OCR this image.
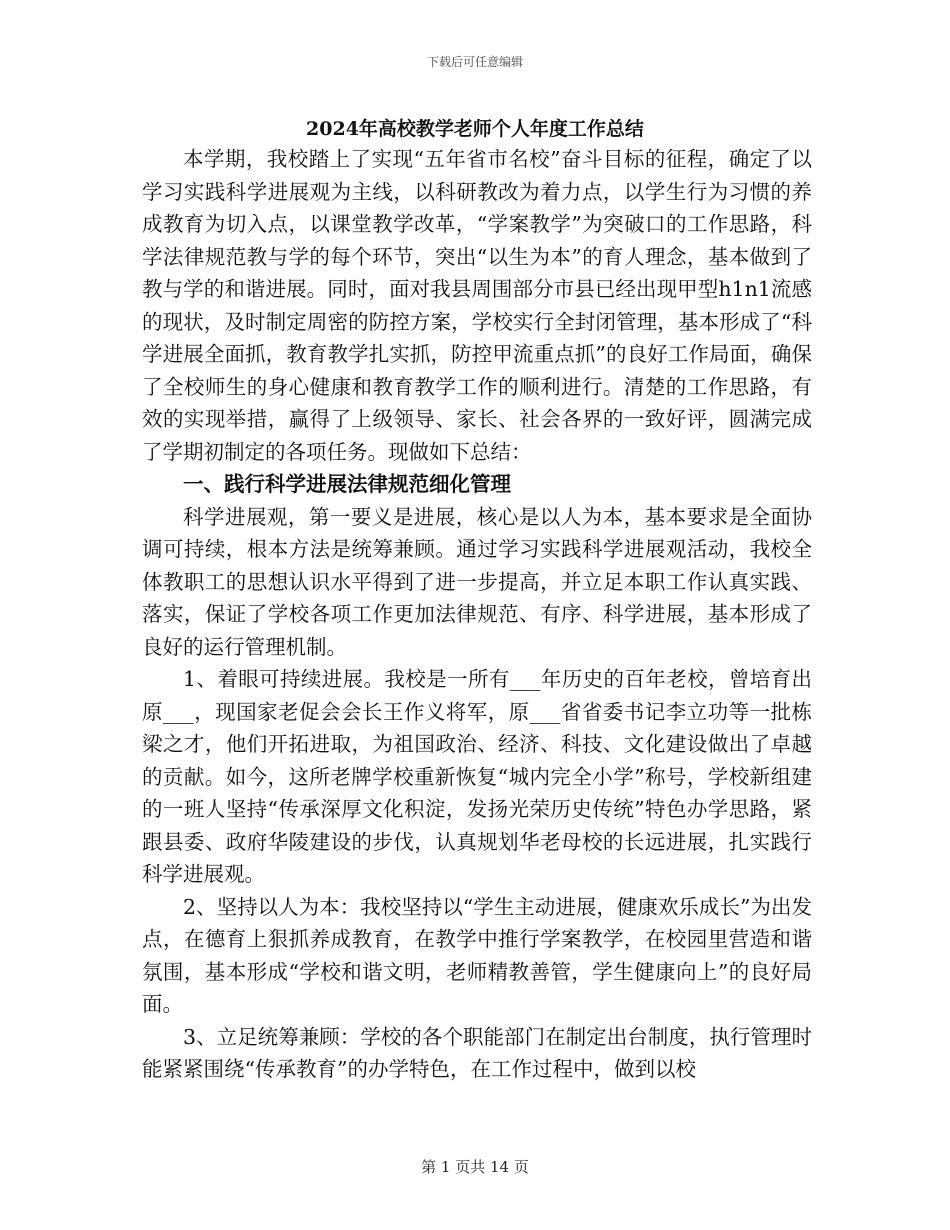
下载后可任意编辑
2024年高校教学老师个人年度工作总结

本学期，我校踏上了实现“五年省市名校”奋斗目标的征程，确定了以学习实践科学进展观为主线，以科研教改为着力点，以学生行为习惯的养成教育为切入点，以课堂教学改革，“学案教学”为突破口的工作思路，科学法律规范教与学的每个环节，突出“以生为本”的育人理念，基本做到了教与学的和谐进展。同时，面对我县周围部分市县已经出现甲型h1n1流感的现状，及时制定周密的防控方案，学校实行全封闭管理，基本形成了“科学进展全面抓，教育教学扎实抓，防控甲流重点抓”的良好工作局面，确保了全校师生的身心健康和教育教学工作的顺利进行。清楚的工作思路，有效的实现举措，赢得了上级领导、家长、社会各界的一致好评，圆满完成了学期初制定的各项任务。现做如下总结：

一、践行科学进展法律规范细化管理

科学进展观，第一要义是进展，核心是以人为本，基本要求是全面协调可持续，根本方法是统筹兼顾。通过学习实践科学进展观活动，我校全体教职工的思想认识水平得到了进一步提高，并立足本职工作认真实践、落实，保证了学校各项工作更加法律规范、有序、科学进展，基本形成了良好的运行管理机制。

1、着眼可持续进展。我校是一所有___年历史的百年老校，曾培育出原___，现国家老促会会长王作义将军，原___省省委书记李立功等一批栋梁之才，他们开拓进取，为祖国政治、经济、科技、文化建设做出了卓越的贡献。如今，这所老牌学校重新恢复“城内完全小学”称号，学校新组建的一班人坚持“传承深厚文化积淀，发扬光荣历史传统”特色办学思路，紧跟县委、政府华陵建设的步伐，认真规划华老母校的长远进展，扎实践行科学进展观。

2、坚持以人为本：我校坚持以“学生主动进展，健康欢乐成长”为出发点，在德育上狠抓养成教育，在教学中推行学案教学，在校园里营造和谐氛围，基本形成“学校和谐文明，老师精教善管，学生健康向上”的良好局面。

3、立足统筹兼顾：学校的各个职能部门在制定出台制度，执行管理时能紧紧围绕“传承教育”的办学特色，在工作过程中，做到以校

第 1 页共 14 页
